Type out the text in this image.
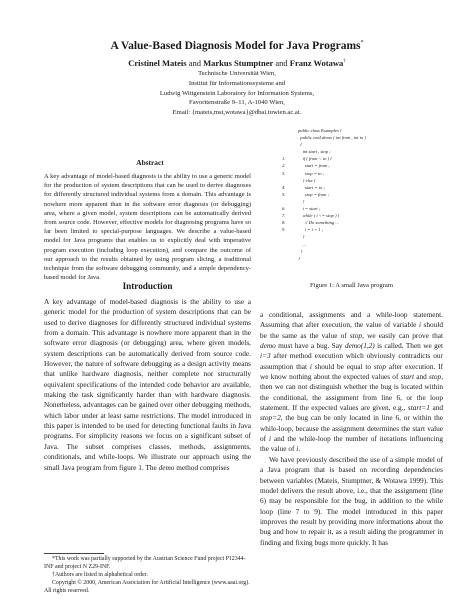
A Value-Based Diagnosis Model for Java Programs*
Cristinel Mateis and Markus Stumptner and Franz Wotawa†
Technische Universität Wien,
Institut für Informationssysteme and
Ludwig Wittgenstein Laboratory for Information Systems,
Favoritenstraße 9–11, A-1040 Wien,
Email: {mateis,mst,wotawa}@dbai.tuwien.ac.at.
Abstract
A key advantage of model-based diagnosis is the ability to use a generic model for the production of system descriptions that can be used to derive diagnoses for differently structured individual systems from a domain. This advantage is nowhere more apparent than in the software error diagnosis (or debugging) area, where a given model, system descriptions can be automatically derived from source code. However, effective models for diagnosing programs have so far been limited to special-purpose languages. We describe a value-based model for Java programs that enables us to explicitly deal with imperative program execution (including loop execution), and compare the outcome of our approach to the results obtained by using program slicing, a traditional technique from the software debugging community, and a simple dependency-based model for Java.
Introduction

A key advantage of model-based diagnosis is the ability to use a generic model for the production of system descriptions that can be used to derive diagnoses for differently structured individual systems from a domain. This advantage is nowhere more apparent than in the software error diagnosis (or debugging) area, where given models, system descriptions can be automatically derived from source code. However, the nature of software debugging as a design activity means that unlike hardware diagnosis, neither complete nor structurally equivalent specifications of the intended code behavior are available, making the task significantly harder than with hardware diagnosis. Nonetheless, advantages can be gained over other debugging methods, which labor under at least same restrictions. The model introduced in this paper is intended to be used for detecting functional faults in Java programs. For simplicity reasons we focus on a significant subset of Java. The subset comprises classes, methods, assignments, conditionals, and while-loops. We illustrate our approach using the small Java program from figure 1. The demo method comprises

*This work was partially supported by the Austrian Science Fund project P12344-INF and project N Z29-INF.

†Authors are listed in alphabetical order.

Copyright © 2000, American Association for Artificial Intelligence (www.aaai.org). All rights reserved.

public class Examples {
public void demo ( int from , int to )
{
int start , stop ;
1.	if ( from < to ) {
2.	start = from ;
3.	stop = to ;
} else {
4.	start = to ;
5.	stop = from ;
}
6.	i = start ;
7.	while ( i <= stop ) {
8.	// Do something ...
9.	i = i + 1 ;
}
...
}
}
Figure 1: A small Java program

a conditional, assignments and a while-loop statement. Assuming that after execution, the value of variable i should be the same as the value of stop, we easily can prove that demo must have a bug. Say demo(1,2) is called. Then we get i=3 after method execution which obviously contradicts our assumption that i should be equal to stop after execution. If we know nothing about the expected values of start and stop, then we can not distinguish whether the bug is located within the conditional, the assignment from line 6, or the loop statement. If the expected values are given, e.g., start=1 and stop=2, the bug can be only located in line 6, or within the while-loop, because the assignment determines the start value of i and the while-loop the number of iterations influencing the value of i.

We have previously described the use of a simple model of a Java program that is based on recording dependencies between variables (Mateis, Stumptner, & Wotawa 1999). This model delivers the result above, i.e., that the assignment (line 6) may be responsible for the bug, in addition to the while loop (line 7 to 9). The model introduced in this paper improves the result by providing more informations about the bug and how to repair it, as a result aiding the programmer in finding and fixing bugs more quickly. It has
